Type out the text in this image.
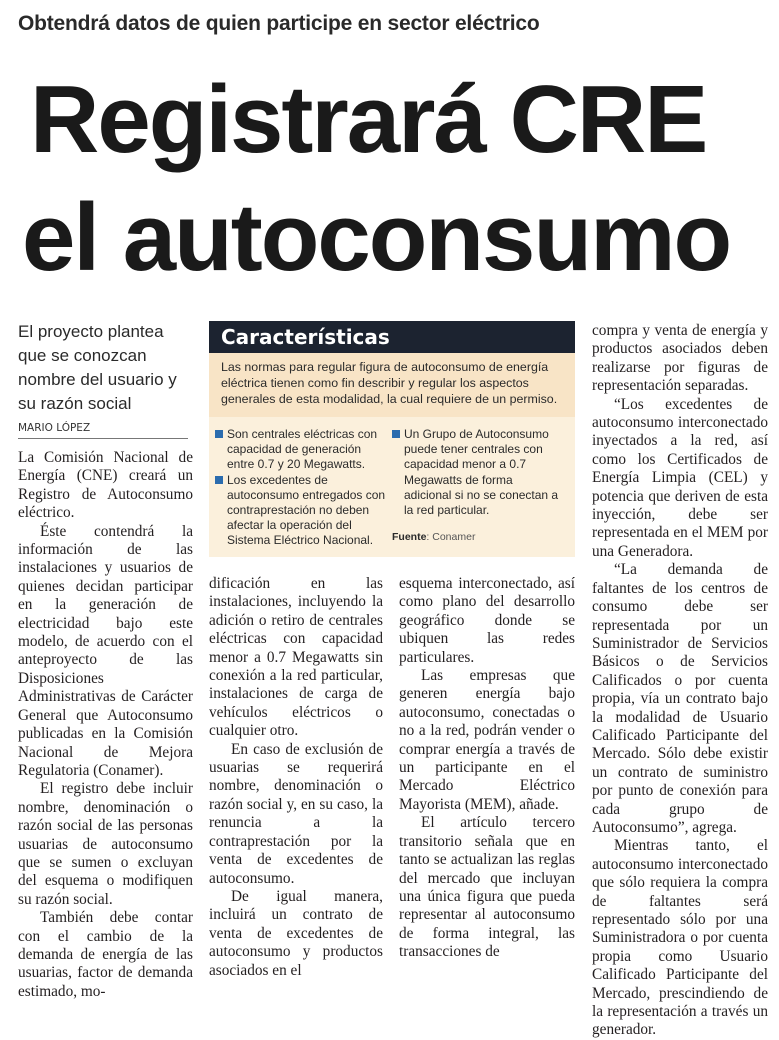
Obtendrá datos de quien participe en sector eléctrico
Registrará CRE
el autoconsumo
El proyecto plantea que se conozcan nombre del usuario y su razón social
MARIO LÓPEZ

La Comisión Nacional de Energía (CNE) creará un Registro de Autoconsumo eléctrico.

Éste contendrá la información de las instalaciones y usuarios de quienes decidan participar en la generación de electricidad bajo este modelo, de acuerdo con el anteproyecto de las Disposiciones Administrativas de Carácter General que Autoconsumo publicadas en la Comisión Nacional de Mejora Regulatoria (Conamer).

El registro debe incluir nombre, denominación o razón social de las personas usuarias de autoconsumo que se sumen o excluyan del esquema o modifiquen su razón social.

También debe contar con el cambio de la demanda de energía de las usuarias, factor de demanda estimado, mo-

Características
Las normas para regular figura de autoconsumo de energía eléctrica tienen como fin describir y regular los aspectos generales de esta modalidad, la cual requiere de un permiso.
Son centrales eléctricas con capacidad de generación entre 0.7 y 20 Megawatts.
Los excedentes de autoconsumo entregados con contraprestación no deben afectar la operación del Sistema Eléctrico Nacional.
Un Grupo de Autoconsumo puede tener centrales con capacidad menor a 0.7 Megawatts de forma adicional si no se conectan a la red particular.
Fuente: Conamer

dificación en las instalaciones, incluyendo la adición o retiro de centrales eléctricas con capacidad menor a 0.7 Megawatts sin conexión a la red particular, instalaciones de carga de vehículos eléctricos o cualquier otro.

En caso de exclusión de usuarias se requerirá nombre, denominación o razón social y, en su caso, la renuncia a la contraprestación por la venta de excedentes de autoconsumo.

De igual manera, incluirá un contrato de venta de excedentes de autoconsumo y productos asociados en el

esquema interconectado, así como plano del desarrollo geográfico donde se ubiquen las redes particulares.

Las empresas que generen energía bajo autoconsumo, conectadas o no a la red, podrán vender o comprar energía a través de un participante en el Mercado Eléctrico Mayorista (MEM), añade.

El artículo tercero transitorio señala que en tanto se actualizan las reglas del mercado que incluyan una única figura que pueda representar al autoconsumo de forma integral, las transacciones de

compra y venta de energía y productos asociados deben realizarse por figuras de representación separadas.

“Los excedentes de autoconsumo interconectado inyectados a la red, así como los Certificados de Energía Limpia (CEL) y potencia que deriven de esta inyección, debe ser representada en el MEM por una Generadora.

“La demanda de faltantes de los centros de consumo debe ser representada por un Suministrador de Servicios Básicos o de Servicios Calificados o por cuenta propia, vía un contrato bajo la modalidad de Usuario Calificado Participante del Mercado. Sólo debe existir un contrato de suministro por punto de conexión para cada grupo de Autoconsumo”, agrega.

Mientras tanto, el autoconsumo interconectado que sólo requiera la compra de faltantes será representado sólo por una Suministradora o por cuenta propia como Usuario Calificado Participante del Mercado, prescindiendo de la representación a través un generador.
